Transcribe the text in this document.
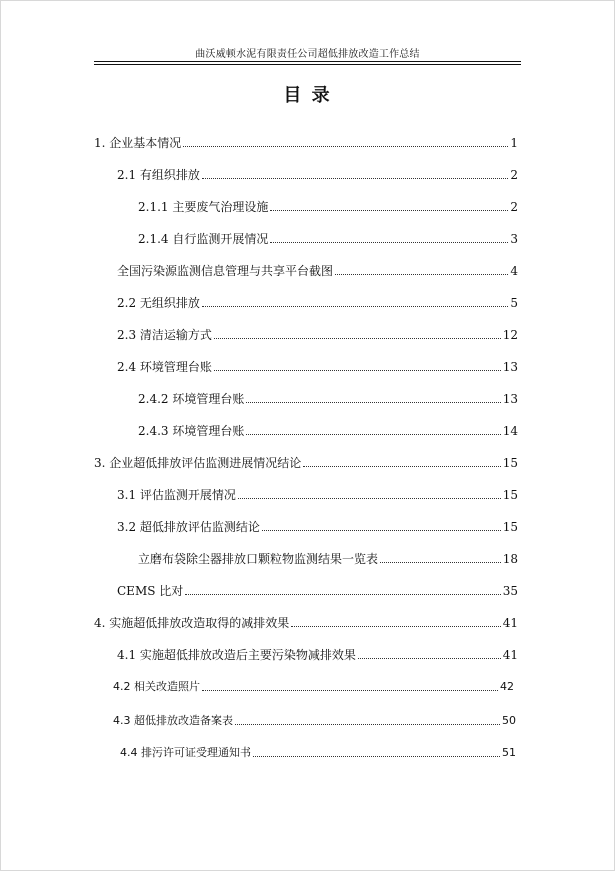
曲沃威顿水泥有限责任公司超低排放改造工作总结
目 录
1. 企业基本情况	1
2.1 有组织排放	2
2.1.1 主要废气治理设施	2
2.1.4 自行监测开展情况	3
全国污染源监测信息管理与共享平台截图	4
2.2 无组织排放	5
2.3 清洁运输方式	12
2.4 环境管理台账	13
2.4.2 环境管理台账	13
2.4.3 环境管理台账	14
3. 企业超低排放评估监测进展情况结论	15
3.1 评估监测开展情况	15
3.2 超低排放评估监测结论	15
立磨布袋除尘器排放口颗粒物监测结果一览表	18
CEMS 比对	35
4. 实施超低排放改造取得的减排效果	41
4.1 实施超低排放改造后主要污染物减排效果	41
4.2 相关改造照片	42
4.3 超低排放改造备案表	50
4.4 排污许可证受理通知书	51
